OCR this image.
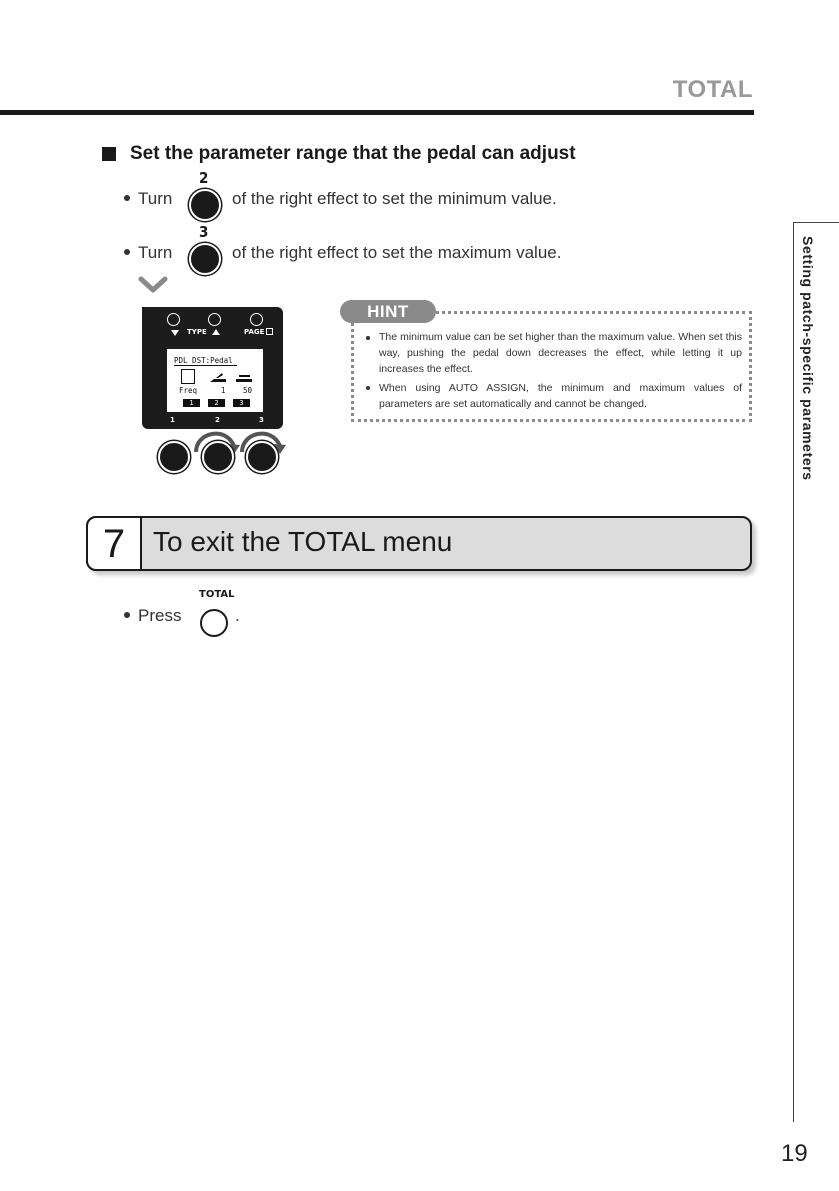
TOTAL
Setting patch-specific parameters
Set the parameter range that the pedal can adjust
Turn
2
of the right effect to set the minimum value.
Turn
3
of the right effect to set the maximum value.
TYPE	PAGE
PDL DST:Pedal
Freq	1 50
1	2	3
1	2	3
HINT
The minimum value can be set higher than the maximum value. When set this way, pushing the pedal down decreases the effect, while letting it up increases the effect.
When using AUTO ASSIGN, the minimum and maximum values of parameters are set automatically and cannot be changed.
7 To exit the TOTAL menu
Press
TOTAL
.
19
